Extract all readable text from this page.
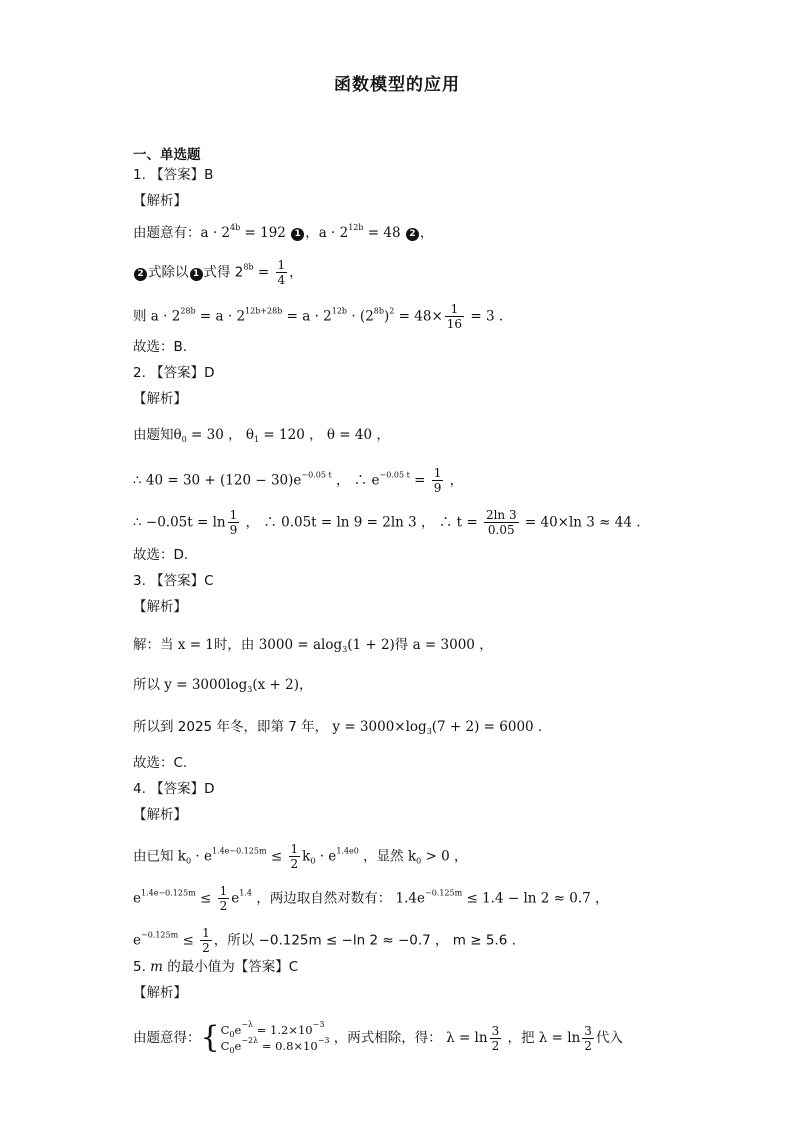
函数模型的应用
一、单选题
1. 【答案】B
【解析】
由题意有：$a \cdot 2^{4b} = 192$ 1 ，$a \cdot 2^{12b} = 48$ 2 ，
2 式除以 1 式得 $2^{8b} = \frac{1}{4}$ ，
则 $a \cdot 2^{28b} = a \cdot 2^{12b+28b} = a \cdot 2^{12b} \cdot (2^{8b})^2 = 48\times \frac{1}{16} = 3$ .
故选：B.
2. 【答案】D
【解析】
由题知$\theta_0 = 30$ ， $\theta_1 = 120$ ， θ = 40 ，
∴ $40 = 30 + (120 - 30)e^{-0.05 t}$ ， ∴ $e^{-0.05 t} = \frac{1}{9}$ ，
∴ $-0.05t = \ln \frac{1}{9}$ ， ∴ 0.05t = ln 9 = 2ln 3 ， ∴ $t = \frac{2\ln 3}{0.05} = 40\times\ln$ 3 ≈ 44 .
故选：D.
3. 【答案】C
【解析】
解：当 x = 1时，由 3000 = alog$_3$(1 + 2)得 a = 3000 ，
所以 $y = 3000\log_3(x + 2)$，
所以到 2025 年冬，即第 7 年， $y = 3000\times\log_3(7 + 2) = 6000$ .
故选：C.
4. 【答案】D
【解析】
由已知 $k_0 \cdot e^{1.4e-0.125m} \le \frac{1}{2} k_0 \cdot e^{1.4e0}$ ，显然 $k_0 > 0$ ，
$e^{1.4e-0.125m} \le \frac{1}{2} e^{1.4}$ ，两边取自然对数有： $1.4e^{-0.125m} \le 1.4 - \ln 2 \approx 0.7$ ，
$e^{-0.125m} \le \frac{1}{2}$ ，所以 −0.125m ≤ −ln 2 ≈ −0.7 ， m ≥ 5.6 .
5. m 的最小值为【答案】C
【解析】
由题意得：{ $C_0e^{-\lambda} = 1.2\times 10^{-3}$
$C_0e^{-2\lambda} = 0.8\times 10^{-3}$ ，两式相除，得： $\lambda = \ln \frac{3}{2}$ ，把 $\lambda = \ln \frac{3}{2}$ 代入
